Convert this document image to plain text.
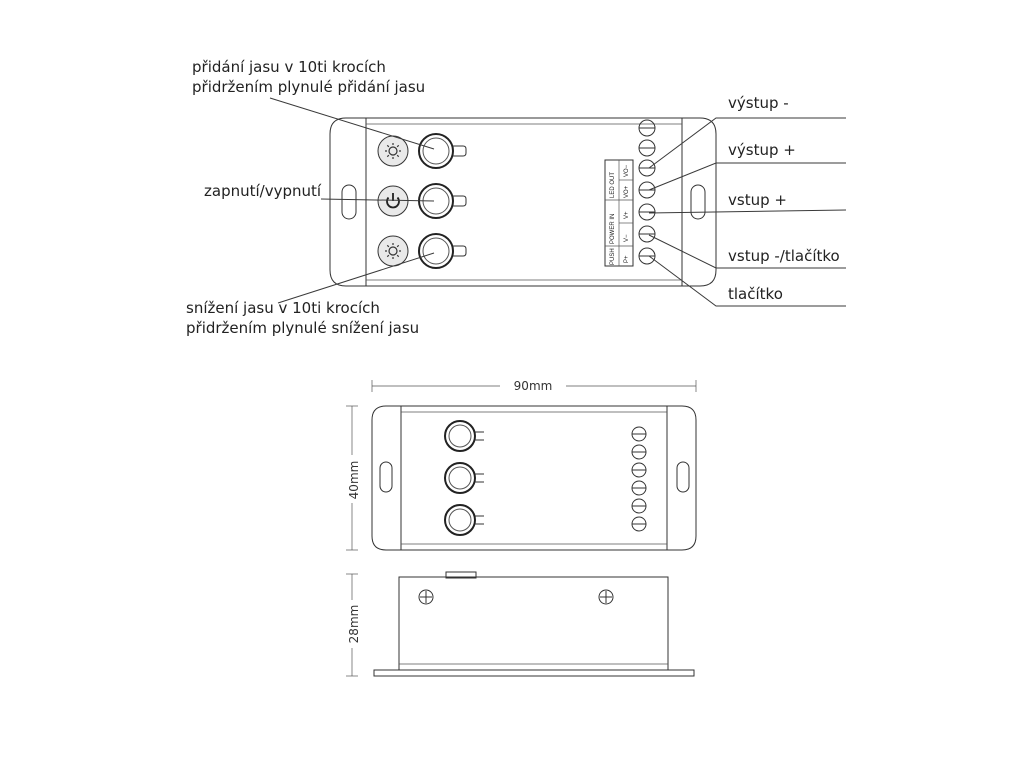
LED OUT
POWER IN
PUSH
VO−
VO+
V+
V−
P+
přidání jasu v 10ti krocích
přidržením plynulé přidání jasu
zapnutí/vypnutí
snížení jasu v 10ti krocích
přidržením plynulé snížení jasu
výstup -
výstup +
vstup +
vstup -/tlačítko
tlačítko
90mm
40mm
28mm
